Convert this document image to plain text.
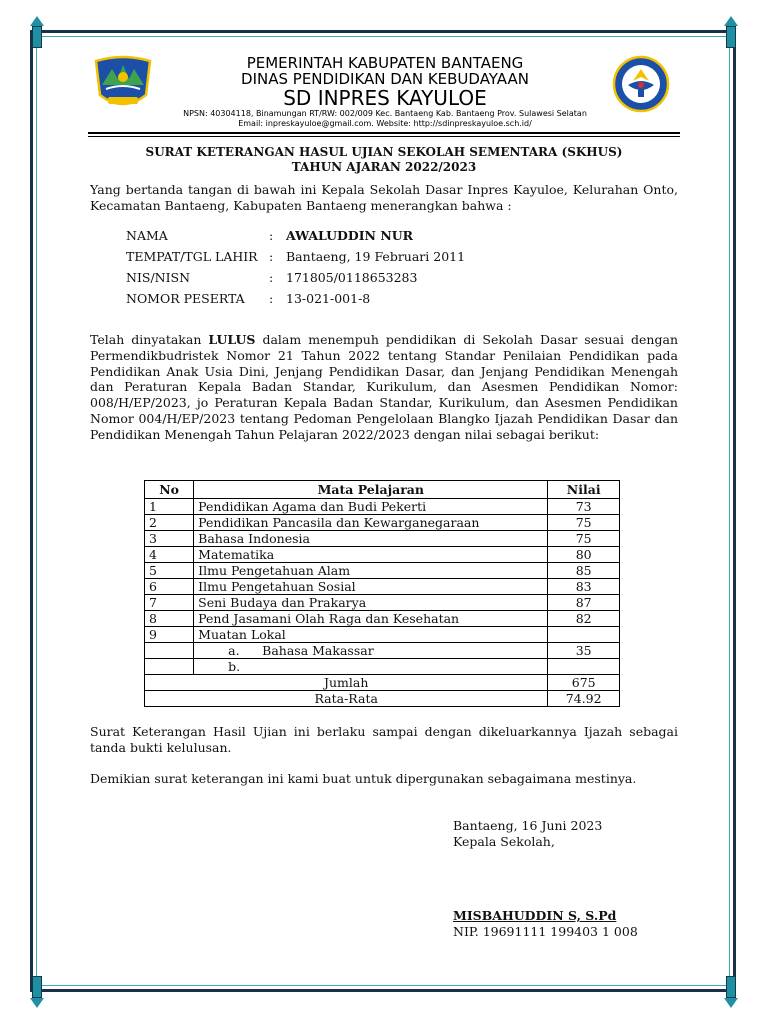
PEMERINTAH KABUPATEN BANTAENG
DINAS PENDIDIKAN DAN KEBUDAYAAN
SD INPRES KAYULOE
NPSN: 40304118, Binamungan RT/RW: 002/009 Kec. Bantaeng Kab. Bantaeng Prov. Sulawesi Selatan
Email: inpreskayuloe@gmail.com. Website: http://sdinpreskayuloe.sch.id/
SURAT KETERANGAN HASUL UJIAN SEKOLAH SEMENTARA (SKHUS)
TAHUN AJARAN 2022/2023
Yang bertanda tangan di bawah ini Kepala Sekolah Dasar Inpres Kayuloe, Kelurahan Onto, Kecamatan Bantaeng, Kabupaten Bantaeng menerangkan bahwa :
NAMA	: AWALUDDIN NUR
TEMPAT/TGL LAHIR : Bantaeng, 19 Februari 2011
NIS/NISN	: 171805/0118653283
NOMOR PESERTA : 13-021-001-8
Telah dinyatakan LULUS dalam menempuh pendidikan di Sekolah Dasar sesuai dengan Permendikbudristek Nomor 21 Tahun 2022 tentang Standar Penilaian Pendidikan pada Pendidikan Anak Usia Dini, Jenjang Pendidikan Dasar, dan Jenjang Pendidikan Menengah dan Peraturan Kepala Badan Standar, Kurikulum, dan Asesmen Pendidikan Nomor: 008/H/EP/2023, jo Peraturan Kepala Badan Standar, Kurikulum, dan Asesmen Pendidikan Nomor 004/H/EP/2023 tentang Pedoman Pengelolaan Blangko Ijazah Pendidikan Dasar dan Pendidikan Menengah Tahun Pelajaran 2022/2023 dengan nilai sebagai berikut:
No	Mata Pelajaran	Nilai
1	Pendidikan Agama dan Budi Pekerti	73
2	Pendidikan Pancasila dan Kewarganegaraan	75
3	Bahasa Indonesia	75
4	Matematika	80
5	Ilmu Pengetahuan Alam	85
6	Ilmu Pengetahuan Sosial	83
7	Seni Budaya dan Prakarya	87
8	Pend Jasamani Olah Raga dan Kesehatan	82
9	Muatan Lokal	
	a. Bahasa Makassar	35
	b.	
Jumlah		675
Rata-Rata		74.92
Surat Keterangan Hasil Ujian ini berlaku sampai dengan dikeluarkannya Ijazah sebagai tanda bukti kelulusan.
Demikian surat keterangan ini kami buat untuk dipergunakan sebagaimana mestinya.
Bantaeng, 16 Juni 2023
Kepala Sekolah,
MISBAHUDDIN S, S.Pd
NIP. 19691111 199403 1 008
